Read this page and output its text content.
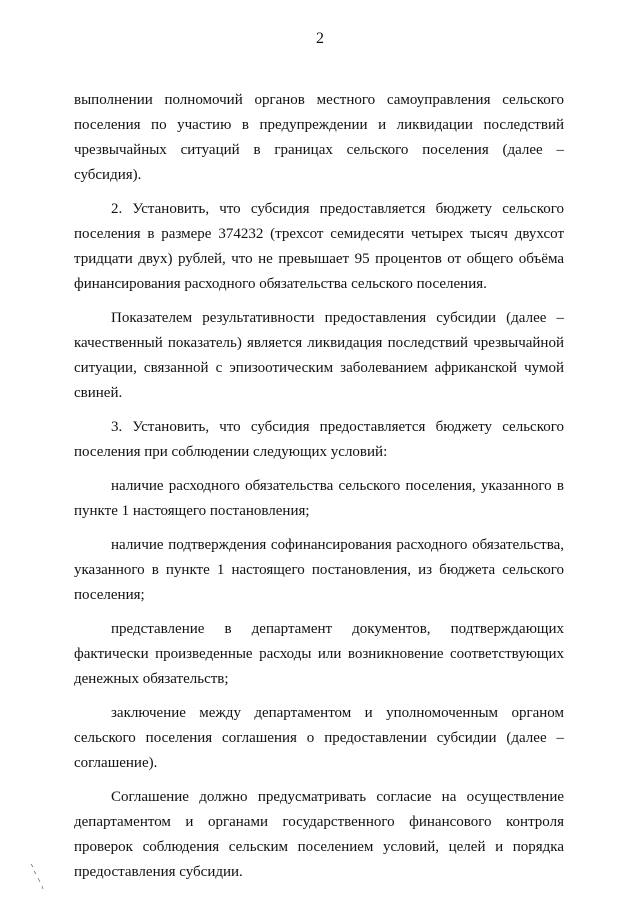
2

выполнении полномочий органов местного самоуправления сельского поселения по участию в предупреждении и ликвидации последствий чрезвычайных ситуаций в границах сельского поселения (далее – субсидия).

2. Установить, что субсидия предоставляется бюджету сельского поселения в размере 374232 (трехсот семидесяти четырех тысяч двухсот тридцати двух) рублей, что не превышает 95 процентов от общего объёма финансирования расходного обязательства сельского поселения.

Показателем результативности предоставления субсидии (далее – качественный показатель) является ликвидация последствий чрезвычайной ситуации, связанной с эпизоотическим заболеванием африканской чумой свиней.

3. Установить, что субсидия предоставляется бюджету сельского поселения при соблюдении следующих условий:

наличие расходного обязательства сельского поселения, указанного в пункте 1 настоящего постановления;

наличие подтверждения софинансирования расходного обязательства, указанного в пункте 1 настоящего постановления, из бюджета сельского поселения;

представление в департамент документов, подтверждающих фактически произведенные расходы или возникновение соответствующих денежных обязательств;

заключение между департаментом и уполномоченным органом сельского поселения соглашения о предоставлении субсидии (далее – соглашение).

Соглашение должно предусматривать согласие на осуществление департаментом и органами государственного финансового контроля проверок соблюдения сельским поселением условий, целей и порядка предоставления субсидии.
